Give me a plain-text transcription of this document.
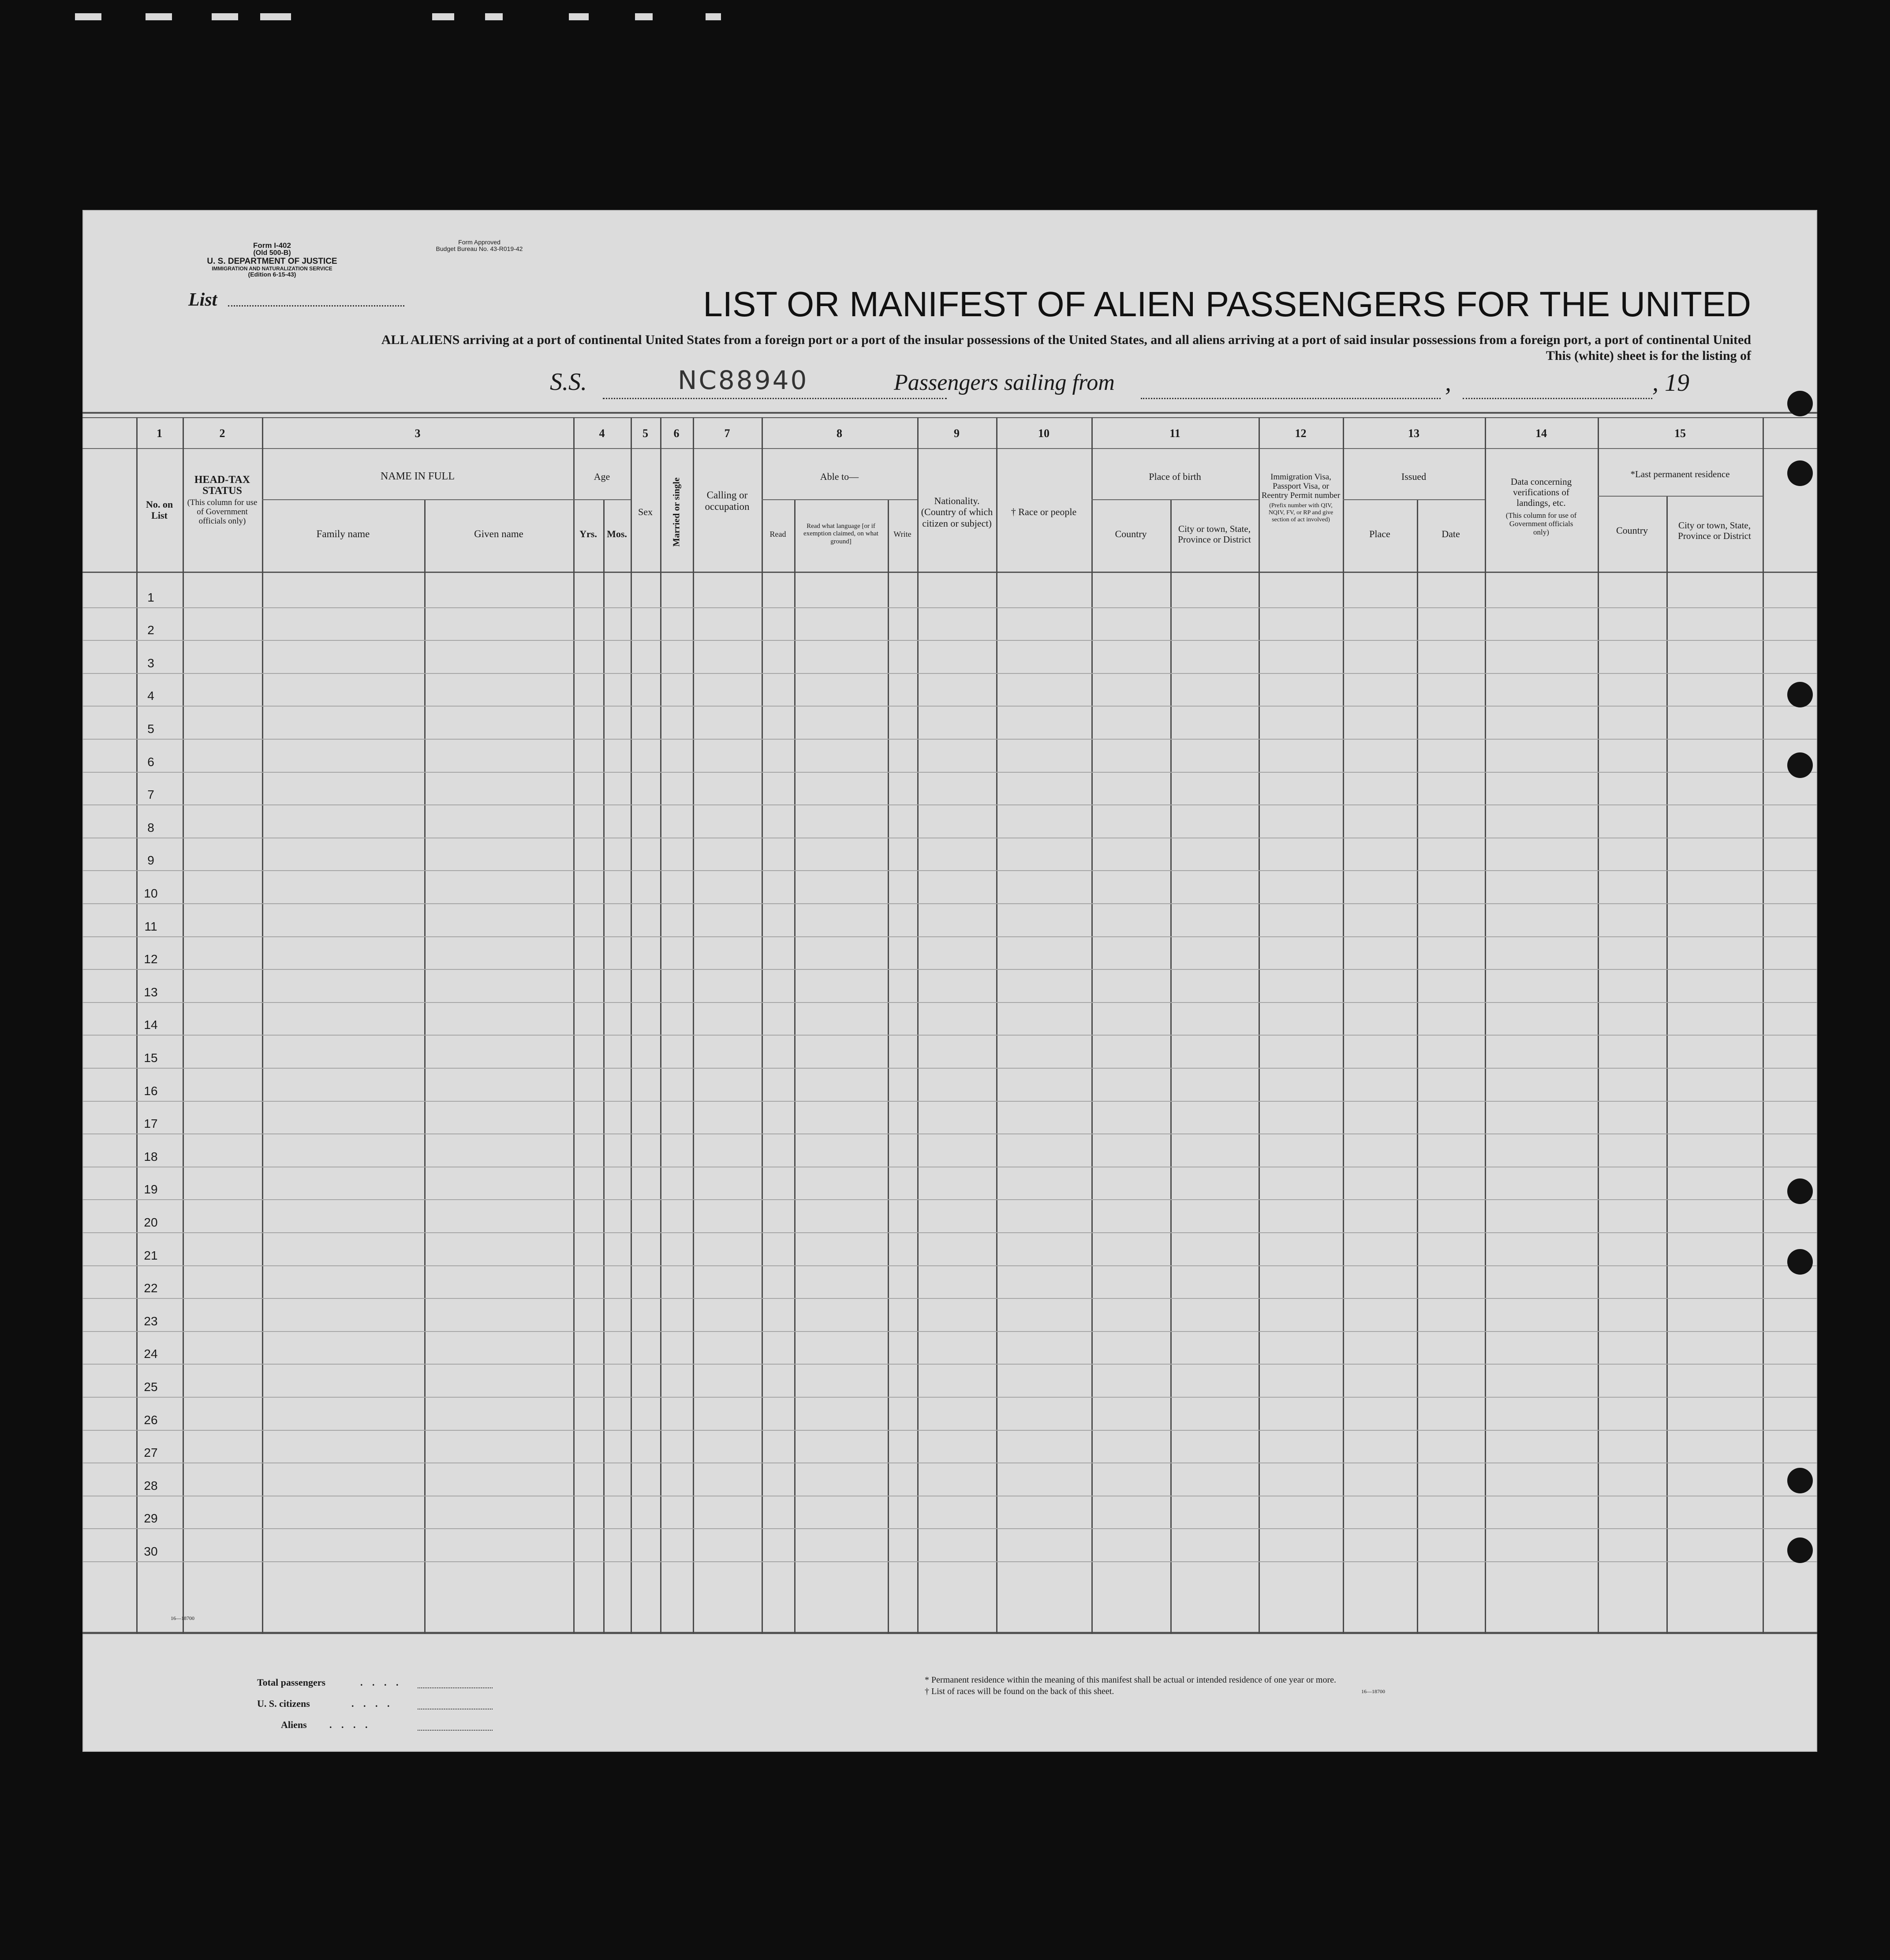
Form I-402
(Old 500-B)
U. S. DEPARTMENT OF JUSTICE
IMMIGRATION AND NATURALIZATION SERVICE
(Edition 6-15-43)
Form Approved
Budget Bureau No. 43-R019-42
List	LIST OR MANIFEST OF ALIEN PASSENGERS FOR THE UNITED
ALL ALIENS arriving at a port of continental United States from a foreign port or a port of the insular possessions of the United States, and all aliens arriving at a port of said insular possessions from a foreign port, a port of continental United
This (white) sheet is for the listing of
S.S.	NC88940	Passengers sailing from	,	, 19
1	2	3	4	5	6	7	8	9	10	11	12	13	14	15
No. on List
HEAD-TAX STATUS
(This column for use of Government officials only)
NAME IN FULL
Family name	Given name
Age
Yrs.	Mos.
Sex	Married or single	Calling or occupation
Able to—
Read
Read what language [or if exemption claimed, on what ground]
Write
Nationality. (Country of which citizen or subject)
† Race or people
Place of birth
Country	City or town, State, Province or District
Immigration Visa, Passport Visa, or Reentry Permit number
(Prefix number with QIV, NQIV, FV, or RP and give section of act involved)
Issued
Place	Date
Data concerning verifications of landings, etc.
(This column for use of Government officials only)
*Last permanent residence
Country	City or town, State, Province or District
1
2
3
4
5
6
7
8
9
10
11
12
13
14
15
16
17
18
19
20
21
22
23
24
25
26
27
28
29
30
16—18700
Total passengers	. . . .
U. S. citizens	. . . .
Aliens . . . .
* Permanent residence within the meaning of this manifest shall be actual or intended residence of one year or more.
† List of races will be found on the back of this sheet.	16—18700
